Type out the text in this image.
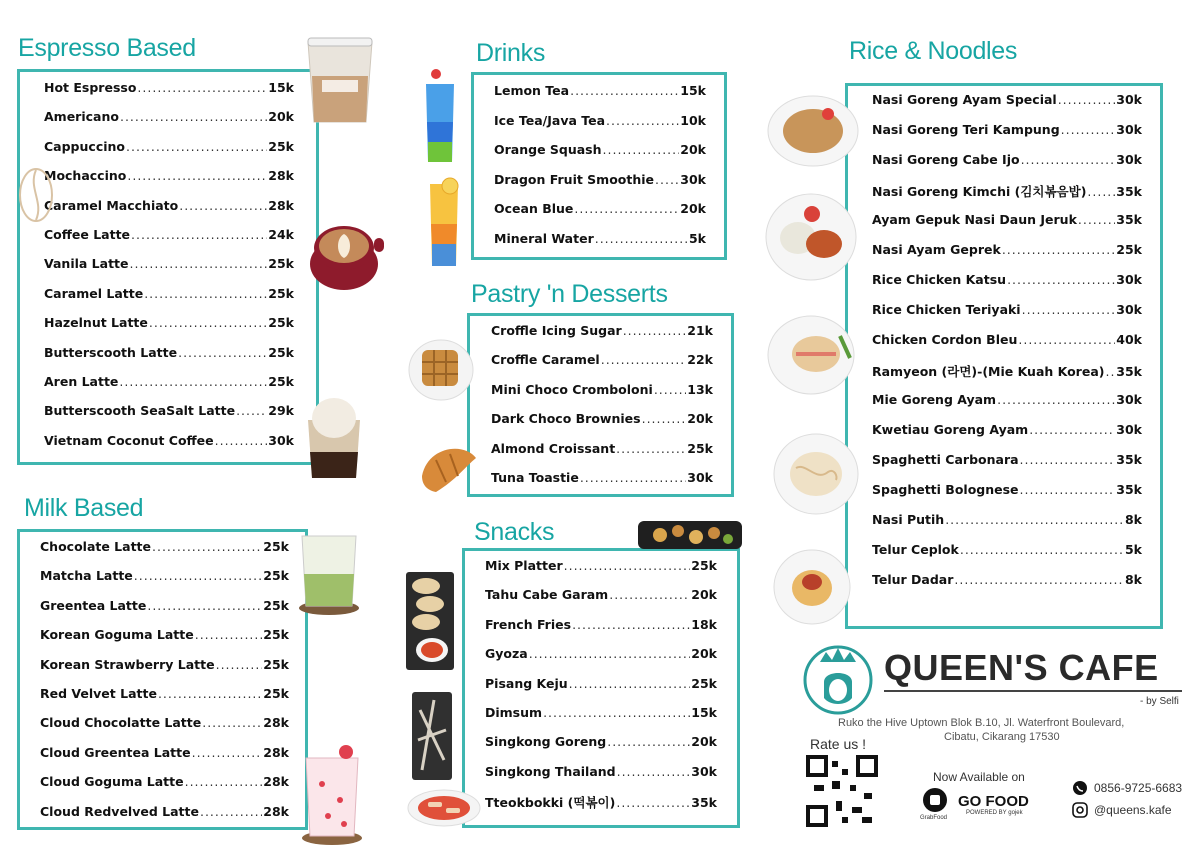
Espresso Based
Milk Based
Drinks
Pastry 'n Desserts
Snacks
Rice & Noodles
Hot Espresso .....	15k
Americano .....	20k
Cappuccino .....	25k
Mochaccino .....	28k
Caramel Macchiato .....	28k
Coffee Latte .....	24k
Vanila Latte .....	25k
Caramel Latte .....	25k
Hazelnut Latte .....	25k
Butterscooth Latte .....	25k
Aren Latte .....	25k
Butterscooth SeaSalt Latte .....	29k
Vietnam Coconut Coffee .....	30k
Chocolate Latte .....	25k
Matcha Latte .....	25k
Greentea Latte .....	25k
Korean Goguma Latte .....	25k
Korean Strawberry Latte .....	25k
Red Velvet Latte .....	25k
Cloud Chocolatte Latte .....	28k
Cloud Greentea Latte .....	28k
Cloud Goguma Latte .....	28k
Cloud Redvelved Latte .....	28k
Lemon Tea .....	15k
Ice Tea/Java Tea .....	10k
Orange Squash .....	20k
Dragon Fruit Smoothie ..... 30k
Ocean Blue .....	20k
Mineral Water .....	5k
Croffle Icing Sugar .....	21k
Croffle Caramel .....	22k
Mini Choco Cromboloni .....	13k
Dark Choco Brownies .....	20k
Almond Croissant .....	25k
Tuna Toastie .....	30k
Mix Platter .....	25k
Tahu Cabe Garam .....	20k
French Fries .....	18k
Gyoza .....	20k
Pisang Keju .....	25k
Dimsum .....	15k
Singkong Goreng .....	20k
Singkong Thailand .....	30k
Tteokbokki (떡볶이) .....	35k
Nasi Goreng Ayam Special .....	30k
Nasi Goreng Teri Kampung .....	30k
Nasi Goreng Cabe Ijo .....	30k
Nasi Goreng Kimchi (김치볶음밥) ..... 35k
Ayam Gepuk Nasi Daun Jeruk .....	35k
Nasi Ayam Geprek .....	25k
Rice Chicken Katsu .....	30k
Rice Chicken Teriyaki .....	30k
Chicken Cordon Bleu .....	40k
Ramyeon (라면)-(Mie Kuah Korea) ..... 35k
Mie Goreng Ayam .....	30k
Kwetiau Goreng Ayam .....	30k
Spaghetti Carbonara .....	35k
Spaghetti Bolognese .....	35k
Nasi Putih .....	8k
Telur Ceplok .....	5k
Telur Dadar .....	8k
QUEEN'S CAFE
- by Selfi
Ruko the Hive Uptown Blok B.10, Jl. Waterfront Boulevard,
Cibatu, Cikarang 17530
Rate us !
Now Available on
GrabFood
GO FOOD
POWERED BY gojek
0856-9725-6683
@queens.kafe
